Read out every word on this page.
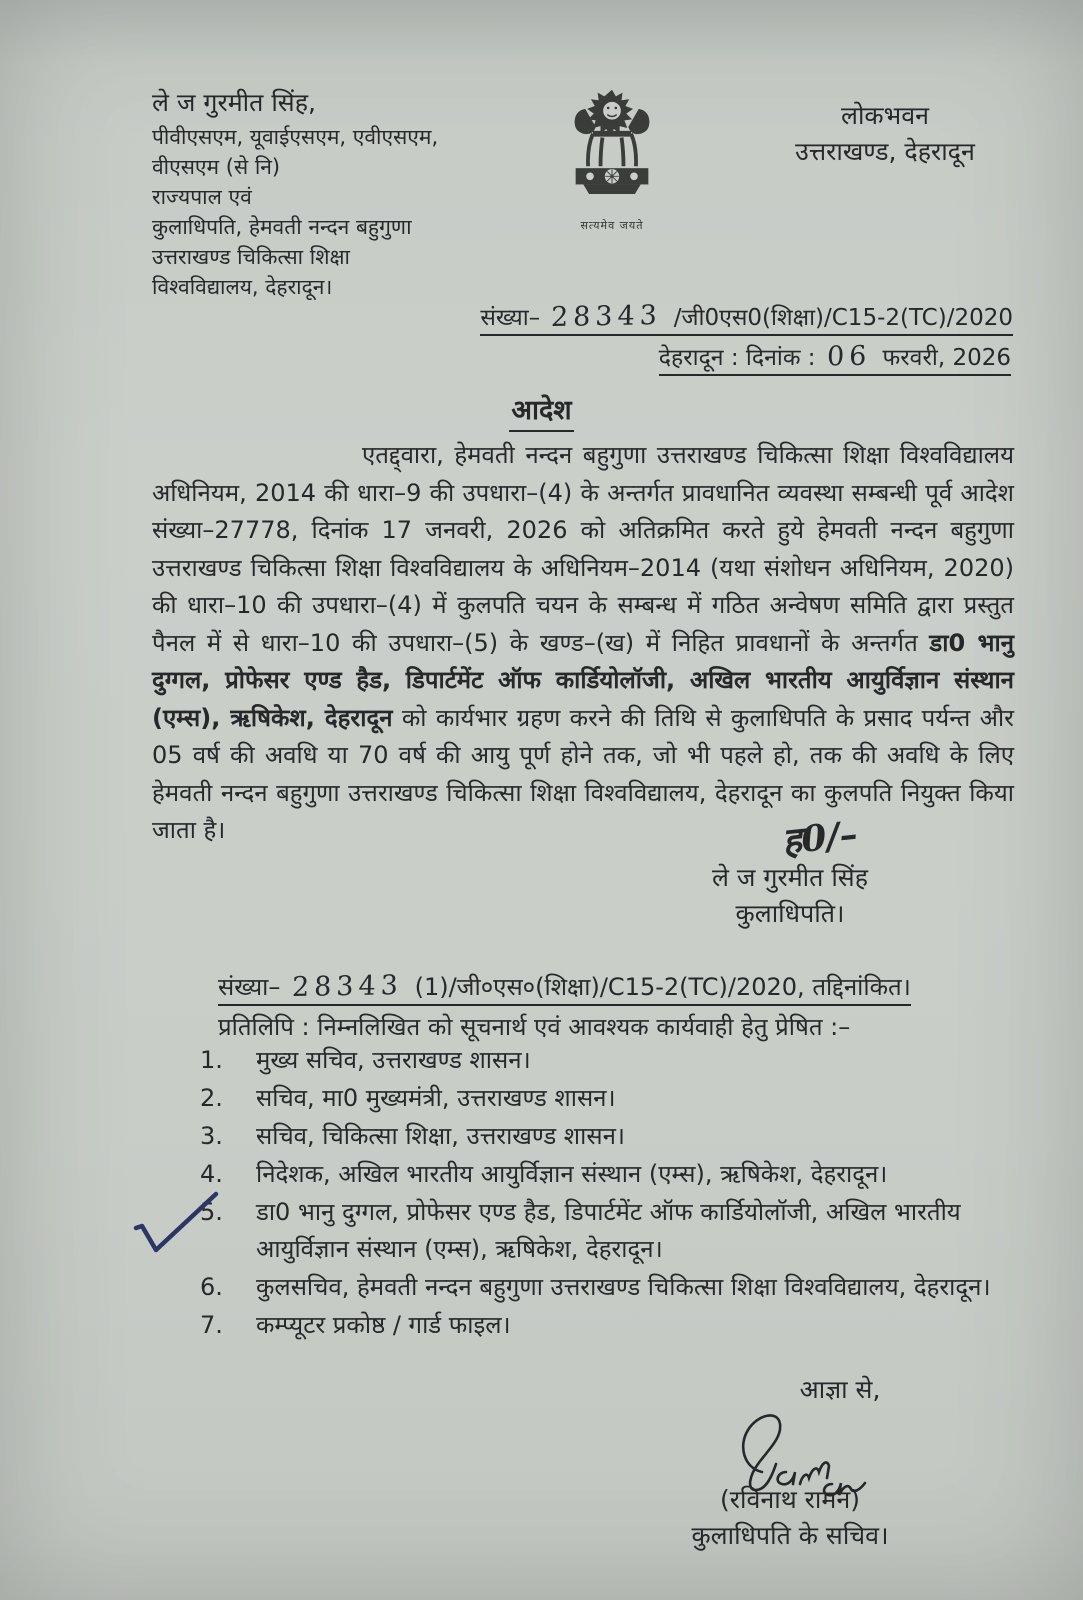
ले ज गुरमीत सिंह,
पीवीएसएम, यूवाईएसएम, एवीएसएम,
वीएसएम (से नि)
राज्यपाल एवं
कुलाधिपति, हेमवती नन्दन बहुगुणा
उत्तराखण्ड चिकित्सा शिक्षा
विश्वविद्यालय, देहरादून।
सत्यमेव जयते
लोकभवन
उत्तराखण्ड, देहरादून
संख्या– 28343 /जी0एस0(शिक्षा)/C15-2(TC)/2020
देहरादून : दिनांक : 06 फरवरी, 2026
आदेश
एतद्द्वारा, हेमवती नन्दन बहुगुणा उत्तराखण्ड चिकित्सा शिक्षा विश्वविद्यालय अधिनियम, 2014 की धारा–9 की उपधारा–(4) के अन्तर्गत प्रावधानित व्यवस्था सम्बन्धी पूर्व आदेश संख्या–27778, दिनांक 17 जनवरी, 2026 को अतिक्रमित करते हुये हेमवती नन्दन बहुगुणा उत्तराखण्ड चिकित्सा शिक्षा विश्वविद्यालय के अधिनियम–2014 (यथा संशोधन अधिनियम, 2020) की धारा–10 की उपधारा–(4) में कुलपति चयन के सम्बन्ध में गठित अन्वेषण समिति द्वारा प्रस्तुत पैनल में से धारा–10 की उपधारा–(5) के खण्ड–(ख) में निहित प्रावधानों के अन्तर्गत डा0 भानु दुग्गल, प्रोफेसर एण्ड हैड, डिपार्टमेंट ऑफ कार्डियोलॉजी, अखिल भारतीय आयुर्विज्ञान संस्थान (एम्स), ऋषिकेश, देहरादून को कार्यभार ग्रहण करने की तिथि से कुलाधिपति के प्रसाद पर्यन्त और 05 वर्ष की अवधि या 70 वर्ष की आयु पूर्ण होने तक, जो भी पहले हो, तक की अवधि के लिए हेमवती नन्दन बहुगुणा उत्तराखण्ड चिकित्सा शिक्षा विश्वविद्यालय, देहरादून का कुलपति नियुक्त किया जाता है।	ह0/–
ले ज गुरमीत सिंह
कुलाधिपति।
संख्या– 28343 (1)/जी०एस०(शिक्षा)/C15-2(TC)/2020, तद्दिनांकित।
प्रतिलिपि : निम्नलिखित को सूचनार्थ एवं आवश्यक कार्यवाही हेतु प्रेषित :–
1.	मुख्य सचिव, उत्तराखण्ड शासन।
2.	सचिव, मा0 मुख्यमंत्री, उत्तराखण्ड शासन।
3.	सचिव, चिकित्सा शिक्षा, उत्तराखण्ड शासन।
4.	निदेशक, अखिल भारतीय आयुर्विज्ञान संस्थान (एम्स), ऋषिकेश, देहरादून।
5.	डा0 भानु दुग्गल, प्रोफेसर एण्ड हैड, डिपार्टमेंट ऑफ कार्डियोलॉजी, अखिल भारतीय आयुर्विज्ञान संस्थान (एम्स), ऋषिकेश, देहरादून।
6.	कुलसचिव, हेमवती नन्दन बहुगुणा उत्तराखण्ड चिकित्सा शिक्षा विश्वविद्यालय, देहरादून।
7.	कम्प्यूटर प्रकोष्ठ / गार्ड फाइल।
आज्ञा से,
(रविनाथ रामन)
कुलाधिपति के सचिव।
